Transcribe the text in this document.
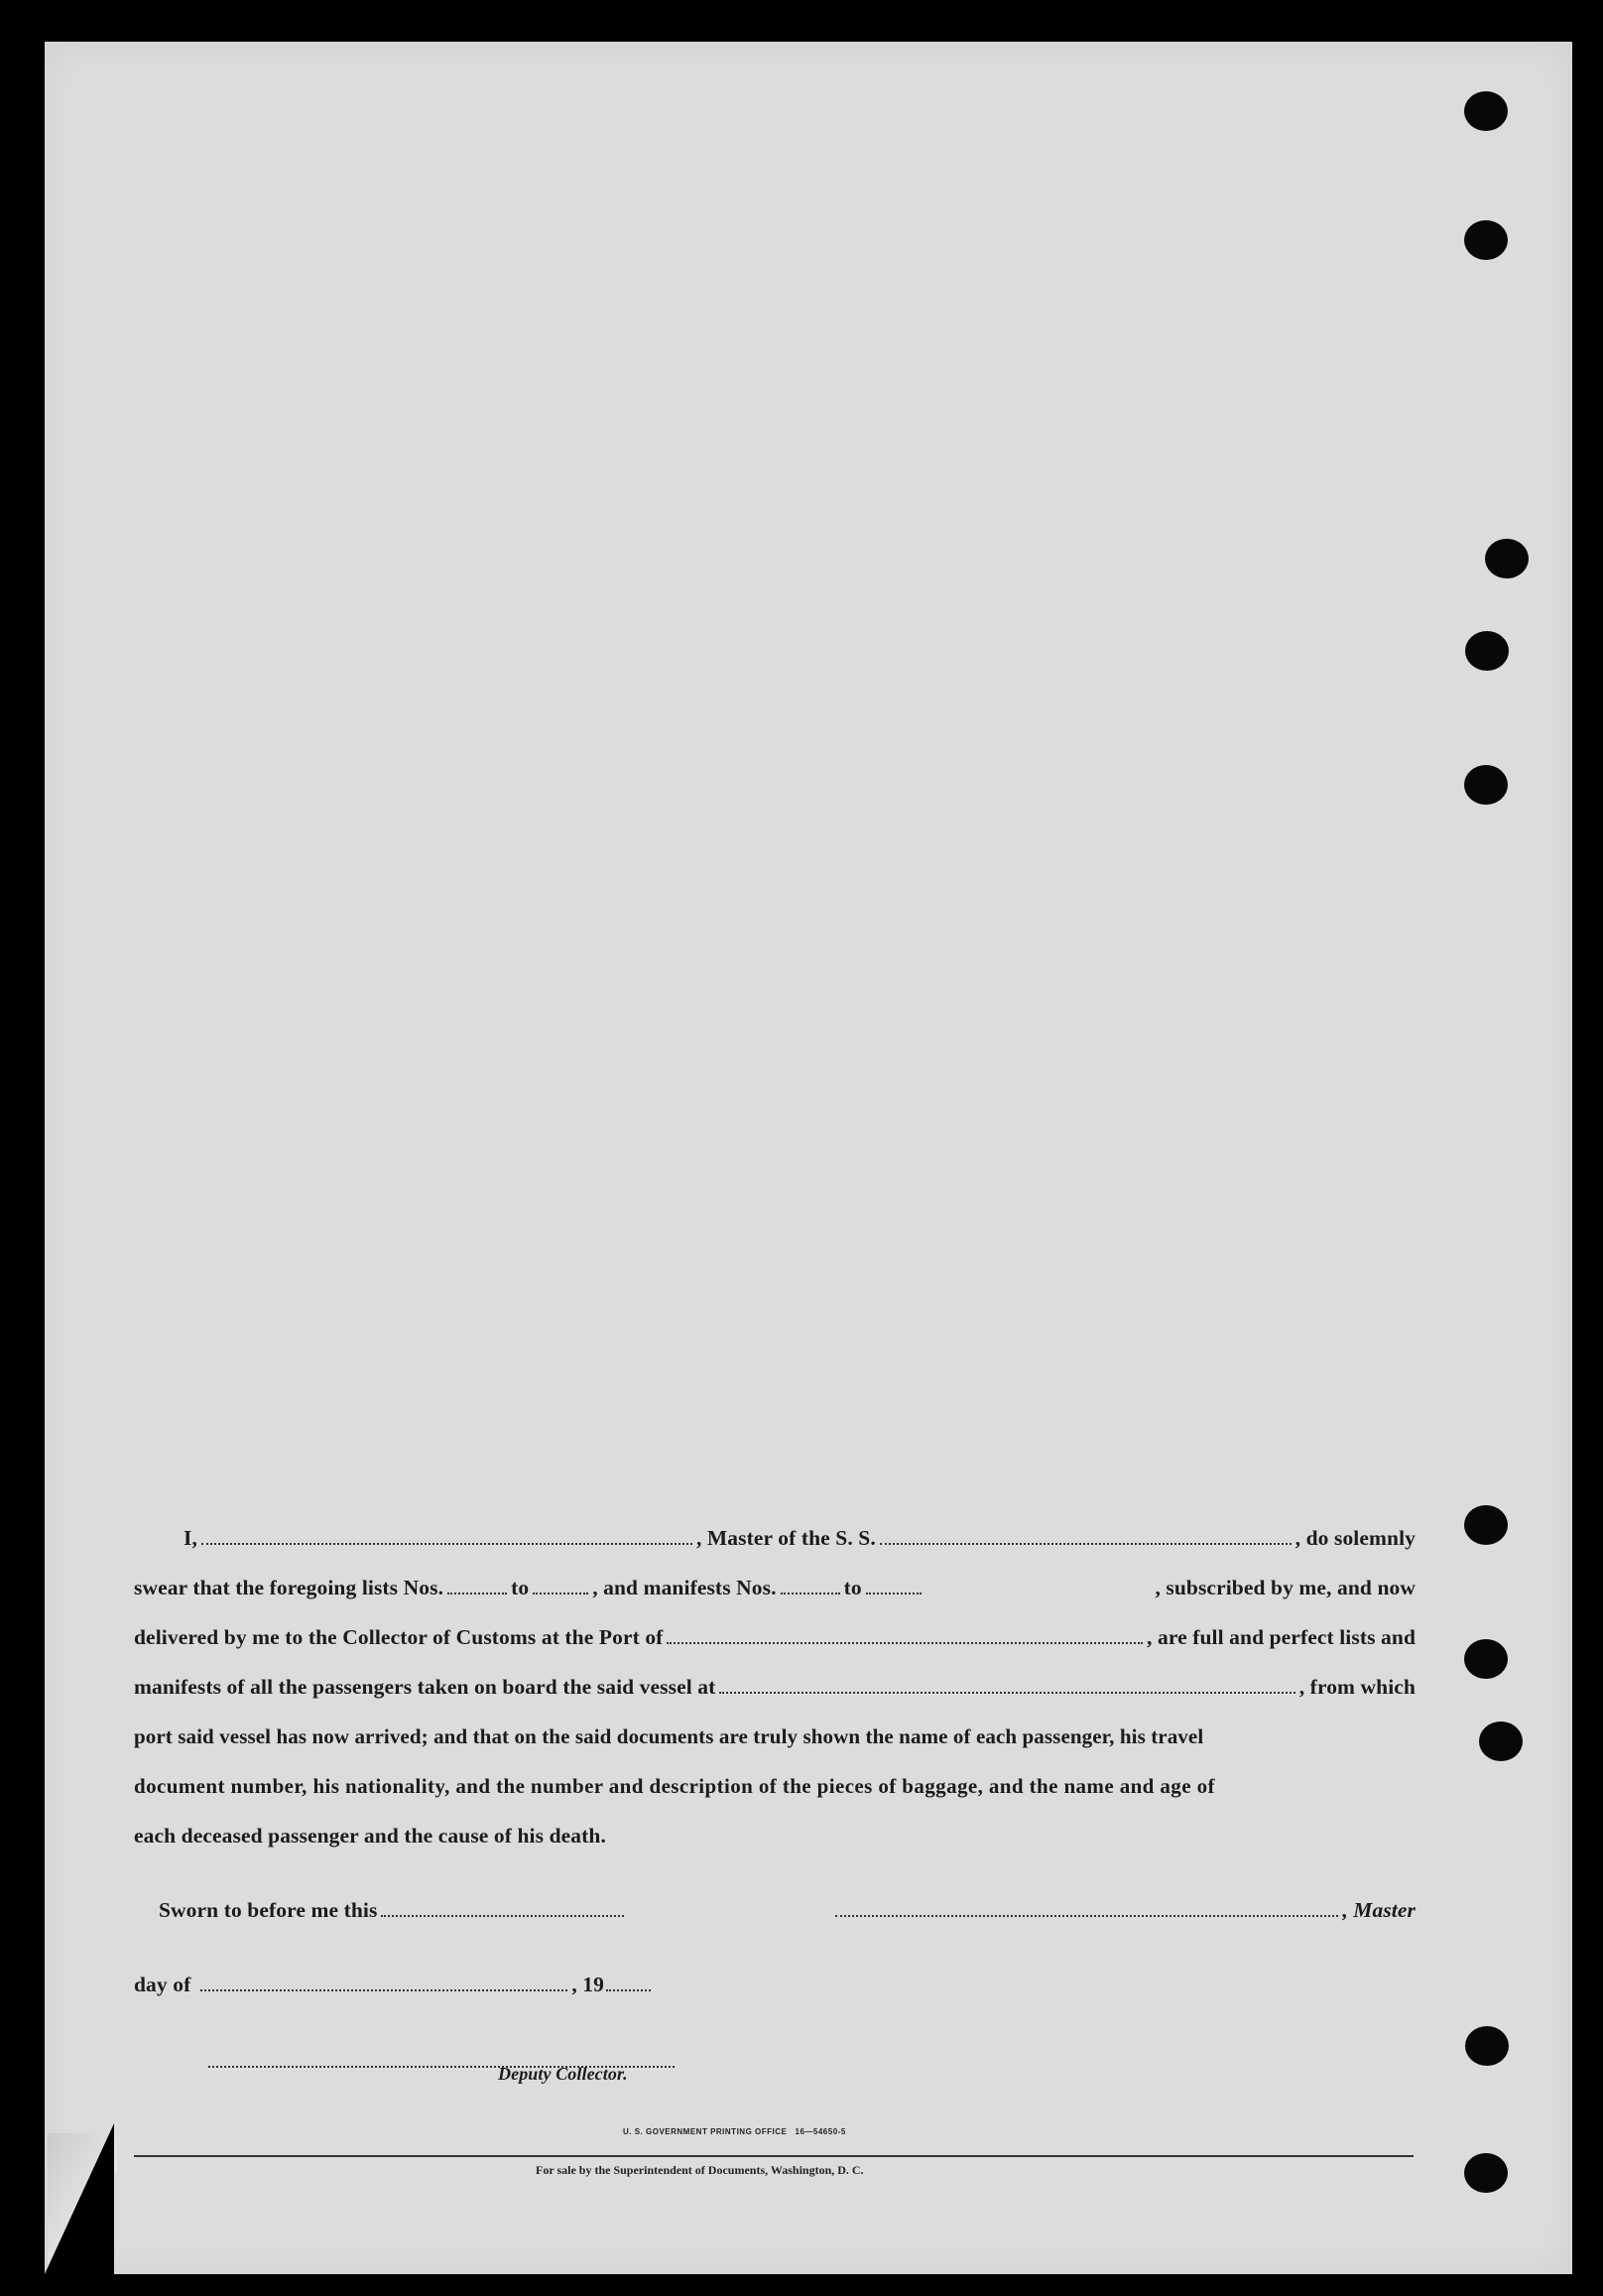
I,	, Master of the S. S.	, do solemnly
swear that the foregoing lists Nos.	to	, and manifests Nos.	to	, subscribed by me, and now
delivered by me to the Collector of Customs at the Port of	, are full and perfect lists and
manifests of all the passengers taken on board the said vessel at	, from which
port said vessel has now arrived; and that on the said documents are truly shown the name of each passenger, his travel
document number, his nationality, and the number and description of the pieces of baggage, and the name and age of
each deceased passenger and the cause of his death.
Sworn to before me this	, Master
day of	, 19
Deputy Collector.
U. S. GOVERNMENT PRINTING OFFICE   16—54650-5
For sale by the Superintendent of Documents, Washington, D. C.
